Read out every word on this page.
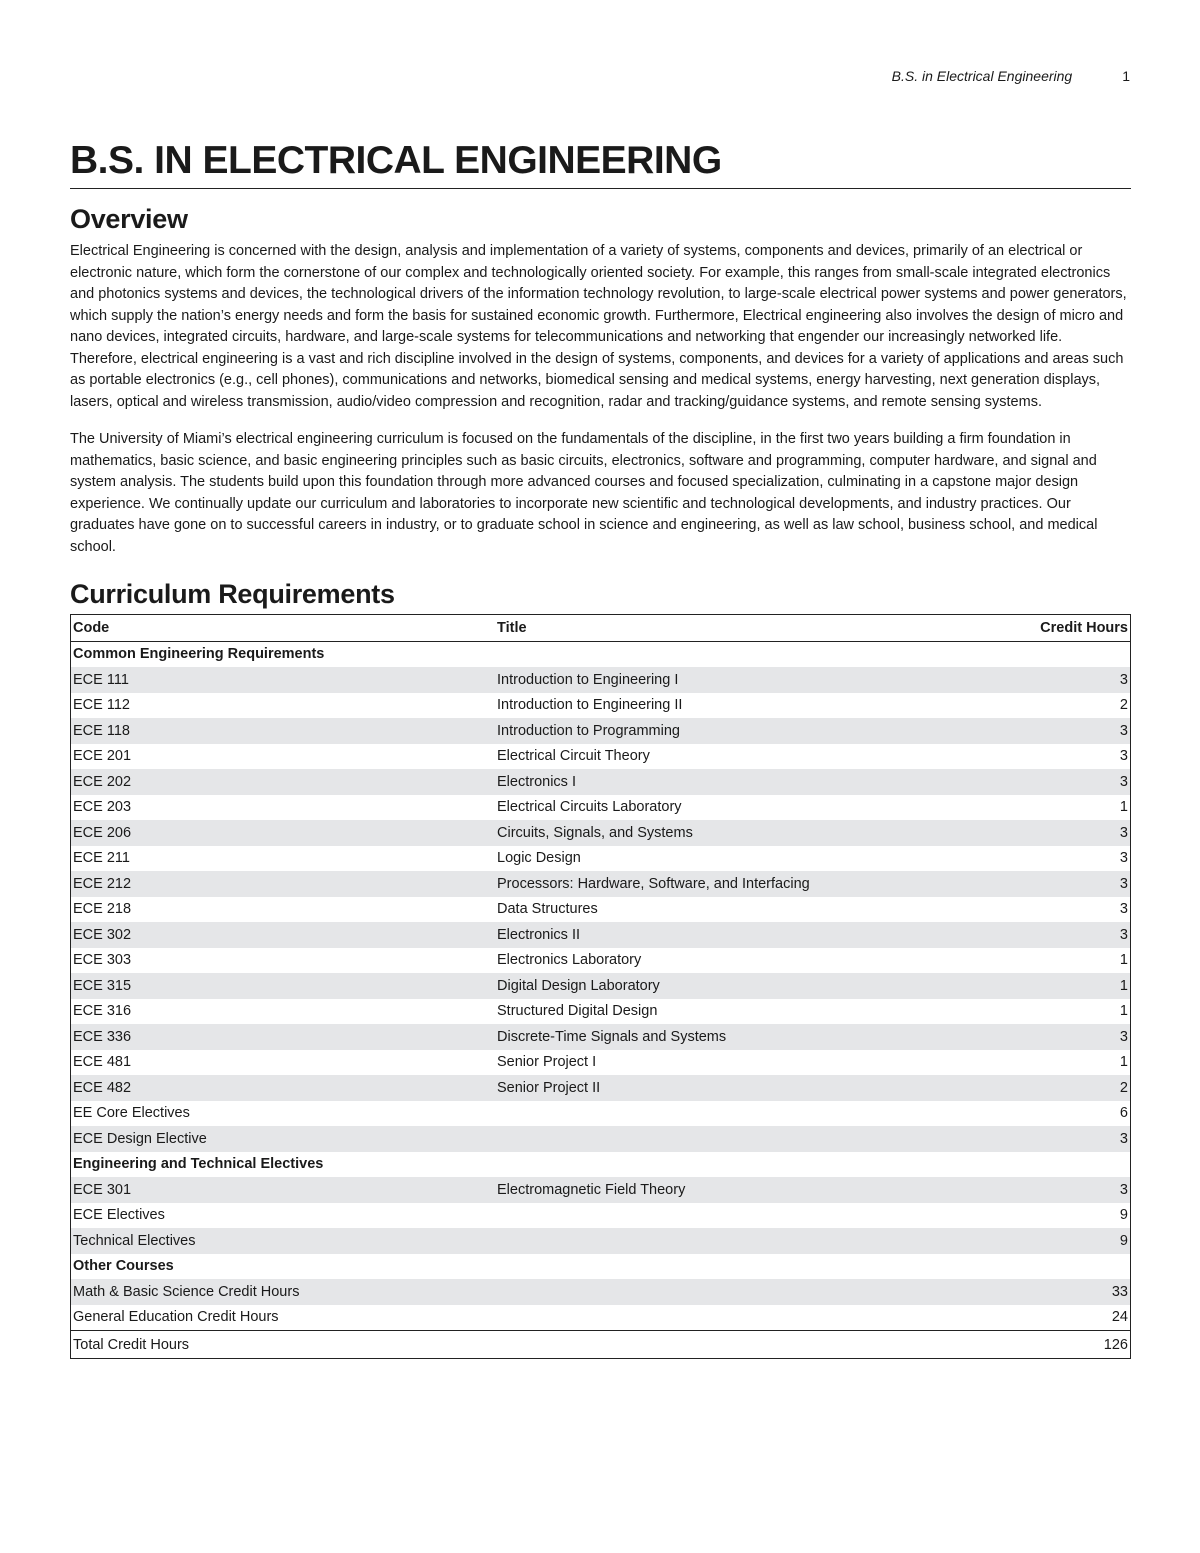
B.S. in Electrical Engineering	1
B.S. IN ELECTRICAL ENGINEERING
Overview

Electrical Engineering is concerned with the design, analysis and implementation of a variety of systems, components and devices, primarily of an electrical or electronic nature, which form the cornerstone of our complex and technologically oriented society. For example, this ranges from small-scale integrated electronics and photonics systems and devices, the technological drivers of the information technology revolution, to large-scale electrical power systems and power generators, which supply the nation’s energy needs and form the basis for sustained economic growth. Furthermore, Electrical engineering also involves the design of micro and nano devices, integrated circuits, hardware, and large-scale systems for telecommunications and networking that engender our increasingly networked life. Therefore, electrical engineering is a vast and rich discipline involved in the design of systems, components, and devices for a variety of applications and areas such as portable electronics (e.g., cell phones), communications and networks, biomedical sensing and medical systems, energy harvesting, next generation displays, lasers, optical and wireless transmission, audio/video compression and recognition, radar and tracking/guidance systems, and remote sensing systems.

The University of Miami’s electrical engineering curriculum is focused on the fundamentals of the discipline, in the first two years building a firm foundation in mathematics, basic science, and basic engineering principles such as basic circuits, electronics, software and programming, computer hardware, and signal and system analysis. The students build upon this foundation through more advanced courses and focused specialization, culminating in a capstone major design experience. We continually update our curriculum and laboratories to incorporate new scientific and technological developments, and industry practices. Our graduates have gone on to successful careers in industry, or to graduate school in science and engineering, as well as law school, business school, and medical school.

Curriculum Requirements
Code	Title	Credit Hours
Common Engineering Requirements		
ECE 111	Introduction to Engineering I	3
ECE 112	Introduction to Engineering II	2
ECE 118	Introduction to Programming	3
ECE 201	Electrical Circuit Theory	3
ECE 202	Electronics I	3
ECE 203	Electrical Circuits Laboratory	1
ECE 206	Circuits, Signals, and Systems	3
ECE 211	Logic Design	3
ECE 212	Processors: Hardware, Software, and Interfacing	3
ECE 218	Data Structures	3
ECE 302	Electronics II	3
ECE 303	Electronics Laboratory	1
ECE 315	Digital Design Laboratory	1
ECE 316	Structured Digital Design	1
ECE 336	Discrete-Time Signals and Systems	3
ECE 481	Senior Project I	1
ECE 482	Senior Project II	2
EE Core Electives		6
ECE Design Elective		3
Engineering and Technical Electives		
ECE 301	Electromagnetic Field Theory	3
ECE Electives		9
Technical Electives		9
Other Courses		
Math & Basic Science Credit Hours		33
General Education Credit Hours		24
Total Credit Hours		126
